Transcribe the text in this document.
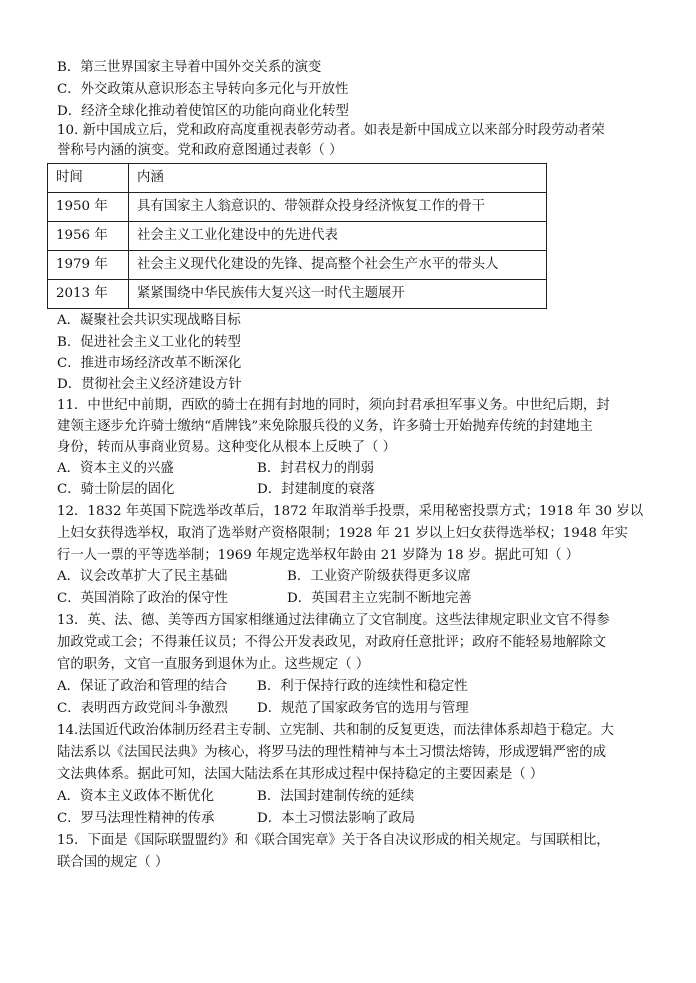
B．第三世界国家主导着中国外交关系的演变
C．外交政策从意识形态主导转向多元化与开放性
D．经济全球化推动着使馆区的功能向商业化转型
10. 新中国成立后，党和政府高度重视表彰劳动者。如表是新中国成立以来部分时段劳动者荣
誉称号内涵的演变。党和政府意图通过表彰（ ）
时间	内涵
1950 年	具有国家主人翁意识的、带领群众投身经济恢复工作的骨干
1956 年	社会主义工业化建设中的先进代表
1979 年	社会主义现代化建设的先锋、提高整个社会生产水平的带头人
2013 年	紧紧围绕中华民族伟大复兴这一时代主题展开
A．凝聚社会共识实现战略目标
B．促进社会主义工业化的转型
C．推进市场经济改革不断深化
D．贯彻社会主义经济建设方针
11．中世纪中前期，西欧的骑士在拥有封地的同时，须向封君承担军事义务。中世纪后期，封
建领主逐步允许骑士缴纳“盾牌钱”来免除服兵役的义务，许多骑士开始抛弃传统的封建地主
身份，转而从事商业贸易。这种变化从根本上反映了（ ）
A．资本主义的兴盛	B．封君权力的削弱
C．骑士阶层的固化	D．封建制度的衰落
12．1832 年英国下院选举改革后，1872 年取消举手投票，采用秘密投票方式；1918 年 30 岁以
上妇女获得选举权，取消了选举财产资格限制；1928 年 21 岁以上妇女获得选举权；1948 年实
行一人一票的平等选举制；1969 年规定选举权年龄由 21 岁降为 18 岁。据此可知（ ）
A．议会改革扩大了民主基础	B．工业资产阶级获得更多议席
C．英国消除了政治的保守性	D．英国君主立宪制不断地完善
13．英、法、德、美等西方国家相继通过法律确立了文官制度。这些法律规定职业文官不得参
加政党或工会；不得兼任议员；不得公开发表政见，对政府任意批评；政府不能轻易地解除文
官的职务，文官一直服务到退休为止。这些规定（ ）
A．保证了政治和管理的结合 B．利于保持行政的连续性和稳定性
C．表明西方政党间斗争激烈 D．规范了国家政务官的选用与管理
14.法国近代政治体制历经君主专制、立宪制、共和制的反复更迭，而法律体系却趋于稳定。大
陆法系以《法国民法典》为核心，将罗马法的理性精神与本土习惯法熔铸，形成逻辑严密的成
文法典体系。据此可知，法国大陆法系在其形成过程中保持稳定的主要因素是（ ）
A．资本主义政体不断优化	B．法国封建制传统的延续
C．罗马法理性精神的传承	D．本土习惯法影响了政局
15．下面是《国际联盟盟约》和《联合国宪章》关于各自决议形成的相关规定。与国联相比，
联合国的规定（ ）
